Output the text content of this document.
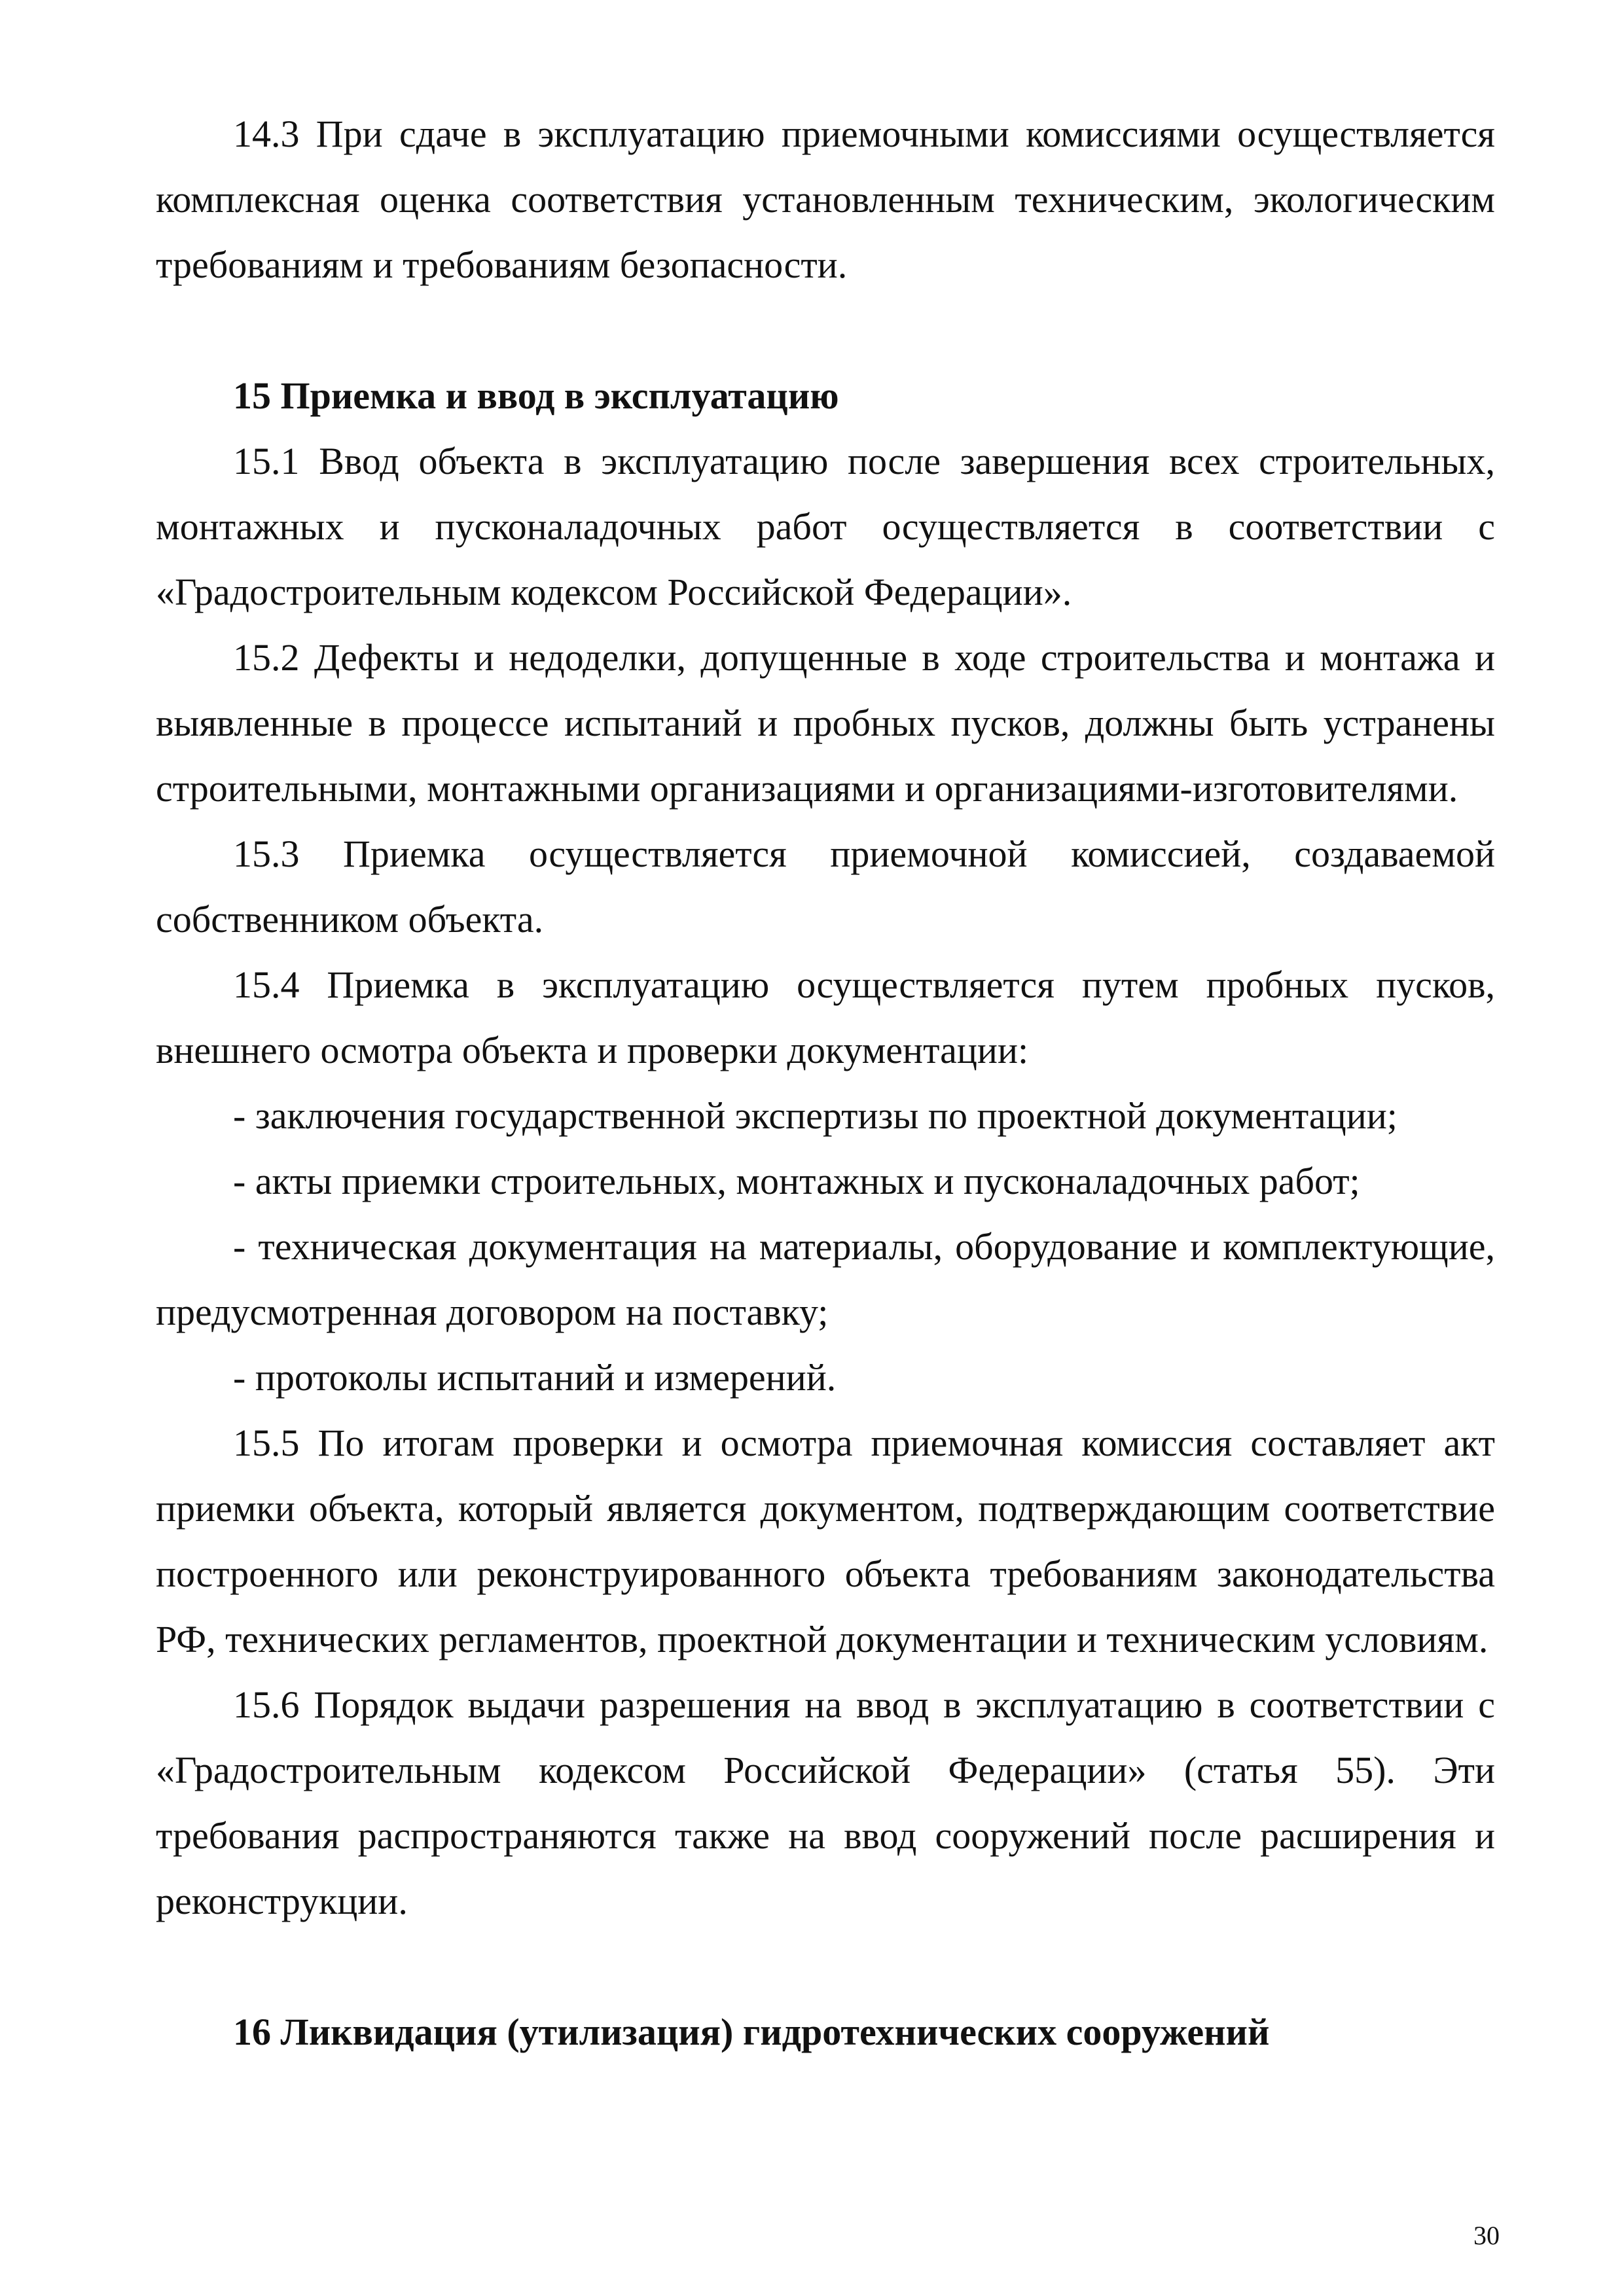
14.3 При сдаче в эксплуатацию приемочными комиссиями осуществляется комплексная оценка соответствия установленным техническим, экологическим требованиям и требованиям безопасности.

15 Приемка и ввод в эксплуатацию

15.1 Ввод объекта в эксплуатацию после завершения всех строительных, монтажных и пусконаладочных работ осуществляется в соответствии с «Градостроительным кодексом Российской Федерации».

15.2 Дефекты и недоделки, допущенные в ходе строительства и монтажа и выявленные в процессе испытаний и пробных пусков, должны быть устранены строительными, монтажными организациями и организациями-изготовителями.

15.3 Приемка осуществляется приемочной комиссией, создаваемой собственником объекта.

15.4 Приемка в эксплуатацию осуществляется путем пробных пусков, внешнего осмотра объекта и проверки документации:

- заключения государственной экспертизы по проектной документации;

- акты приемки строительных, монтажных и пусконаладочных работ;

- техническая документация на материалы, оборудование и комплектующие, предусмотренная договором на поставку;

- протоколы испытаний и измерений.

15.5 По итогам проверки и осмотра приемочная комиссия составляет акт приемки объекта, который является документом, подтверждающим соответствие построенного или реконструированного объекта требованиям законодательства РФ, технических регламентов, проектной документации и техническим условиям.

15.6 Порядок выдачи разрешения на ввод в эксплуатацию в соответствии с «Градостроительным кодексом Российской Федерации» (статья 55). Эти требования распространяются также на ввод сооружений после расширения и реконструкции.

16 Ликвидация (утилизация) гидротехнических сооружений

30
